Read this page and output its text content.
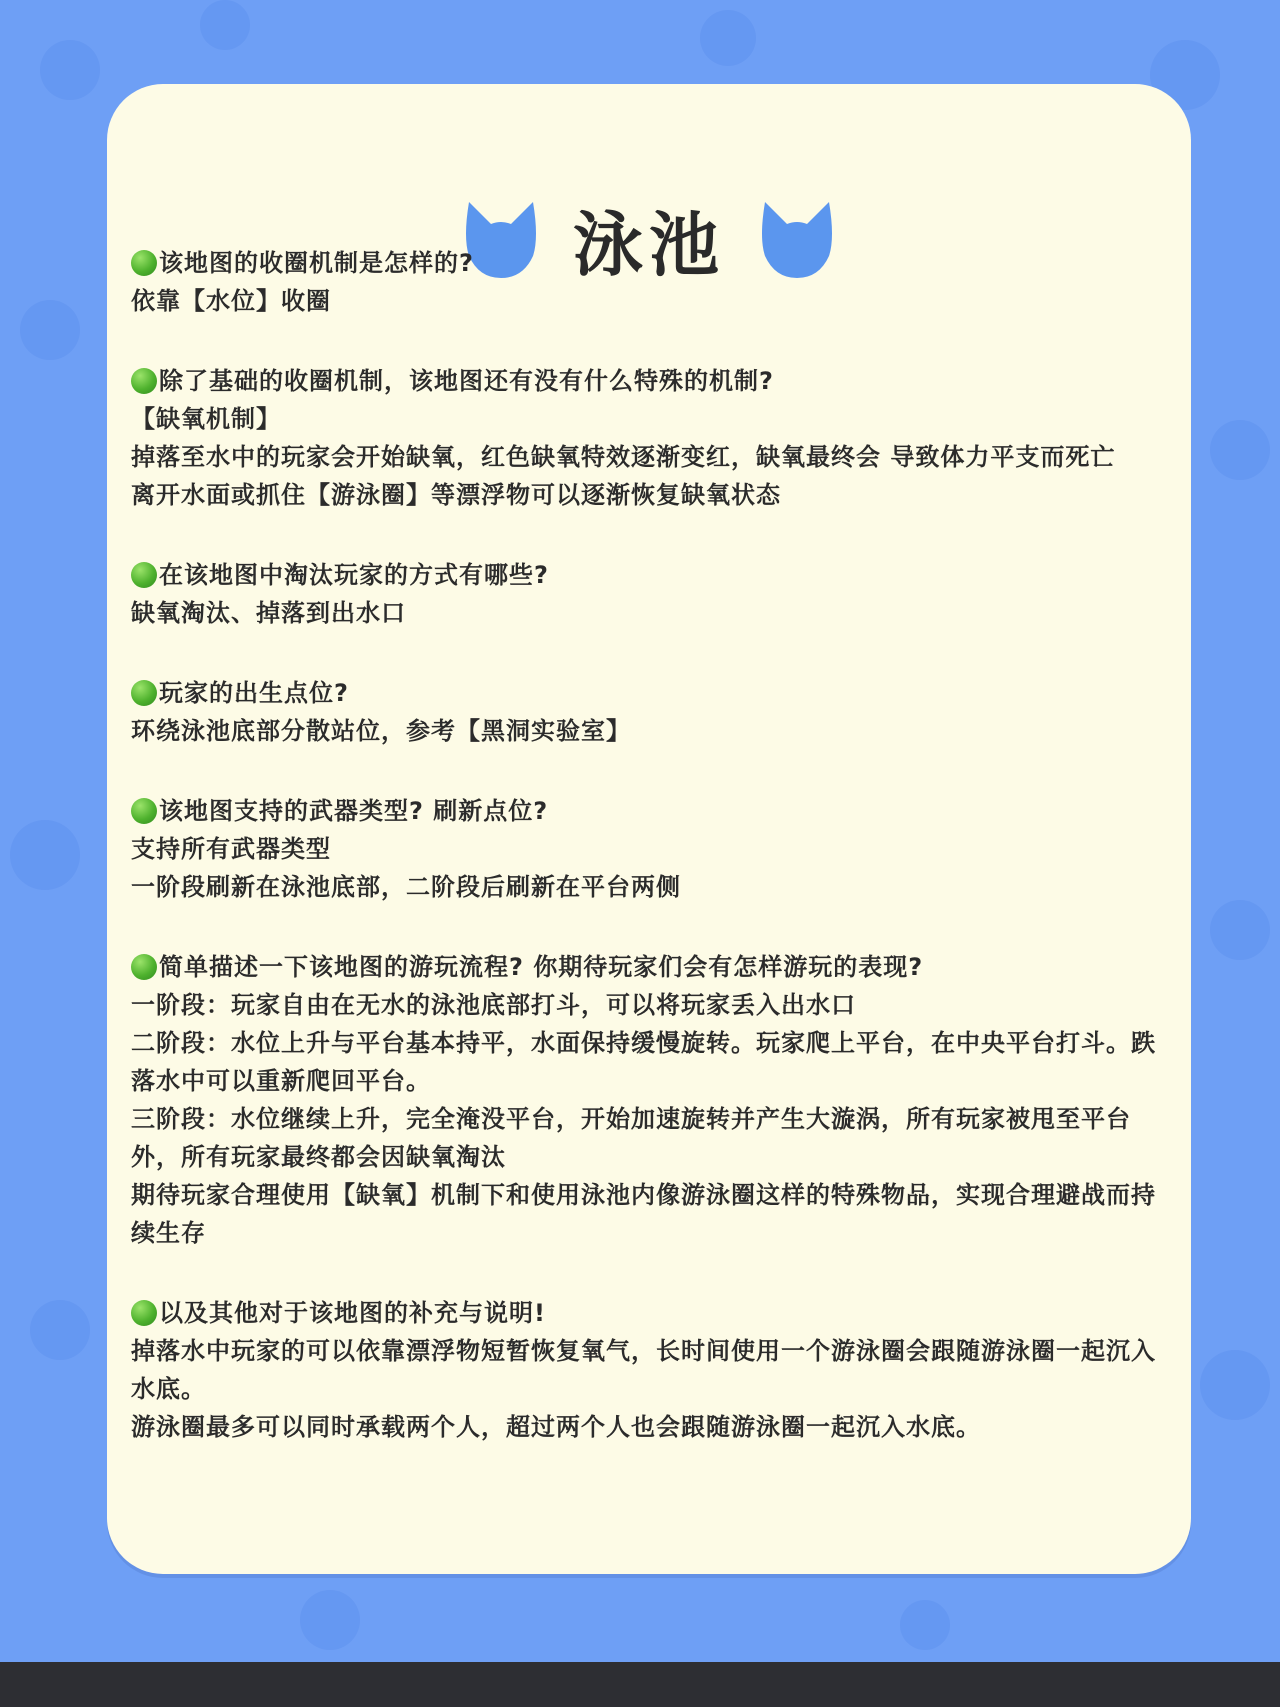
泳池
该地图的收圈机制是怎样的?
依靠【水位】收圈
除了基础的收圈机制，该地图还有没有什么特殊的机制?
【缺氧机制】
掉落至水中的玩家会开始缺氧，红色缺氧特效逐渐变红，缺氧最终会 导致体力平支而死亡
离开水面或抓住【游泳圈】等漂浮物可以逐渐恢复缺氧状态
在该地图中淘汰玩家的方式有哪些?
缺氧淘汰、掉落到出水口
玩家的出生点位?
环绕泳池底部分散站位，参考【黑洞实验室】
该地图支持的武器类型? 刷新点位?
支持所有武器类型
一阶段刷新在泳池底部，二阶段后刷新在平台两侧
简单描述一下该地图的游玩流程? 你期待玩家们会有怎样游玩的表现?
一阶段：玩家自由在无水的泳池底部打斗，可以将玩家丢入出水口
二阶段：水位上升与平台基本持平，水面保持缓慢旋转。玩家爬上平台，在中央平台打斗。跌落水中可以重新爬回平台。
三阶段：水位继续上升，完全淹没平台，开始加速旋转并产生大漩涡，所有玩家被甩至平台外，所有玩家最终都会因缺氧淘汰
期待玩家合理使用【缺氧】机制下和使用泳池内像游泳圈这样的特殊物品，实现合理避战而持续生存
以及其他对于该地图的补充与说明!
掉落水中玩家的可以依靠漂浮物短暂恢复氧气，长时间使用一个游泳圈会跟随游泳圈一起沉入水底。
游泳圈最多可以同时承载两个人，超过两个人也会跟随游泳圈一起沉入水底。
